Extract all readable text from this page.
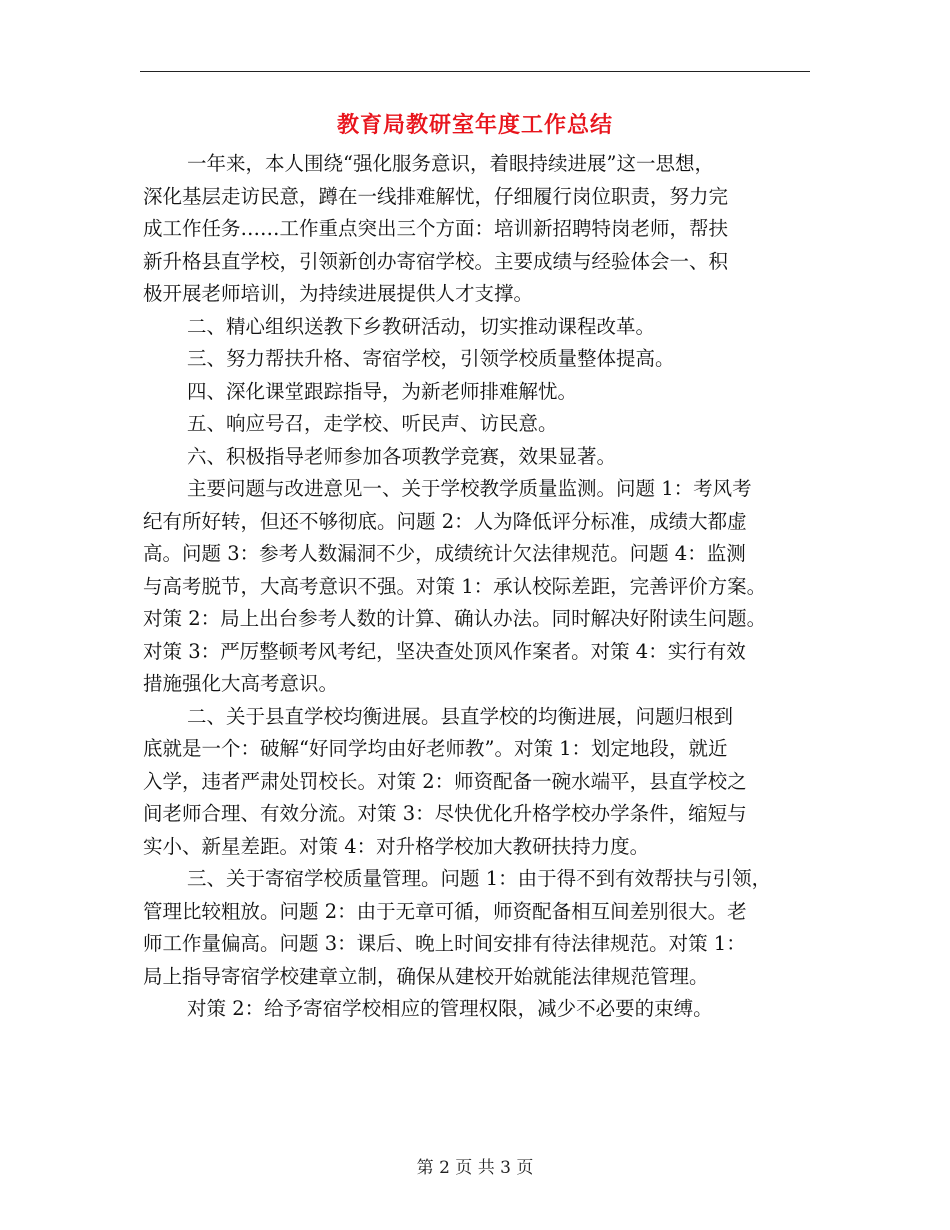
教育局教研室年度工作总结
一年来，本人围绕“强化服务意识，着眼持续进展”这一思想，
深化基层走访民意，蹲在一线排难解忧，仔细履行岗位职责，努力完
成工作任务……工作重点突出三个方面：培训新招聘特岗老师，帮扶
新升格县直学校，引领新创办寄宿学校。主要成绩与经验体会一、积
极开展老师培训，为持续进展提供人才支撑。
二、精心组织送教下乡教研活动，切实推动课程改革。
三、努力帮扶升格、寄宿学校，引领学校质量整体提高。
四、深化课堂跟踪指导，为新老师排难解忧。
五、响应号召，走学校、听民声、访民意。
六、积极指导老师参加各项教学竞赛，效果显著。
主要问题与改进意见一、关于学校教学质量监测。问题 1：考风考
纪有所好转，但还不够彻底。问题 2：人为降低评分标准，成绩大都虚
高。问题 3：参考人数漏洞不少，成绩统计欠法律规范。问题 4：监测
与高考脱节，大高考意识不强。对策 1：承认校际差距，完善评价方案。
对策 2：局上出台参考人数的计算、确认办法。同时解决好附读生问题。
对策 3：严厉整顿考风考纪，坚决查处顶风作案者。对策 4：实行有效
措施强化大高考意识。
二、关于县直学校均衡进展。县直学校的均衡进展，问题归根到
底就是一个：破解“好同学均由好老师教”。对策 1：划定地段，就近
入学，违者严肃处罚校长。对策 2：师资配备一碗水端平，县直学校之
间老师合理、有效分流。对策 3：尽快优化升格学校办学条件，缩短与
实小、新星差距。对策 4：对升格学校加大教研扶持力度。
三、关于寄宿学校质量管理。问题 1：由于得不到有效帮扶与引领，
管理比较粗放。问题 2：由于无章可循，师资配备相互间差别很大。老
师工作量偏高。问题 3：课后、晚上时间安排有待法律规范。对策 1：
局上指导寄宿学校建章立制，确保从建校开始就能法律规范管理。
对策 2：给予寄宿学校相应的管理权限，减少不必要的束缚。
第 2 页 共 3 页
